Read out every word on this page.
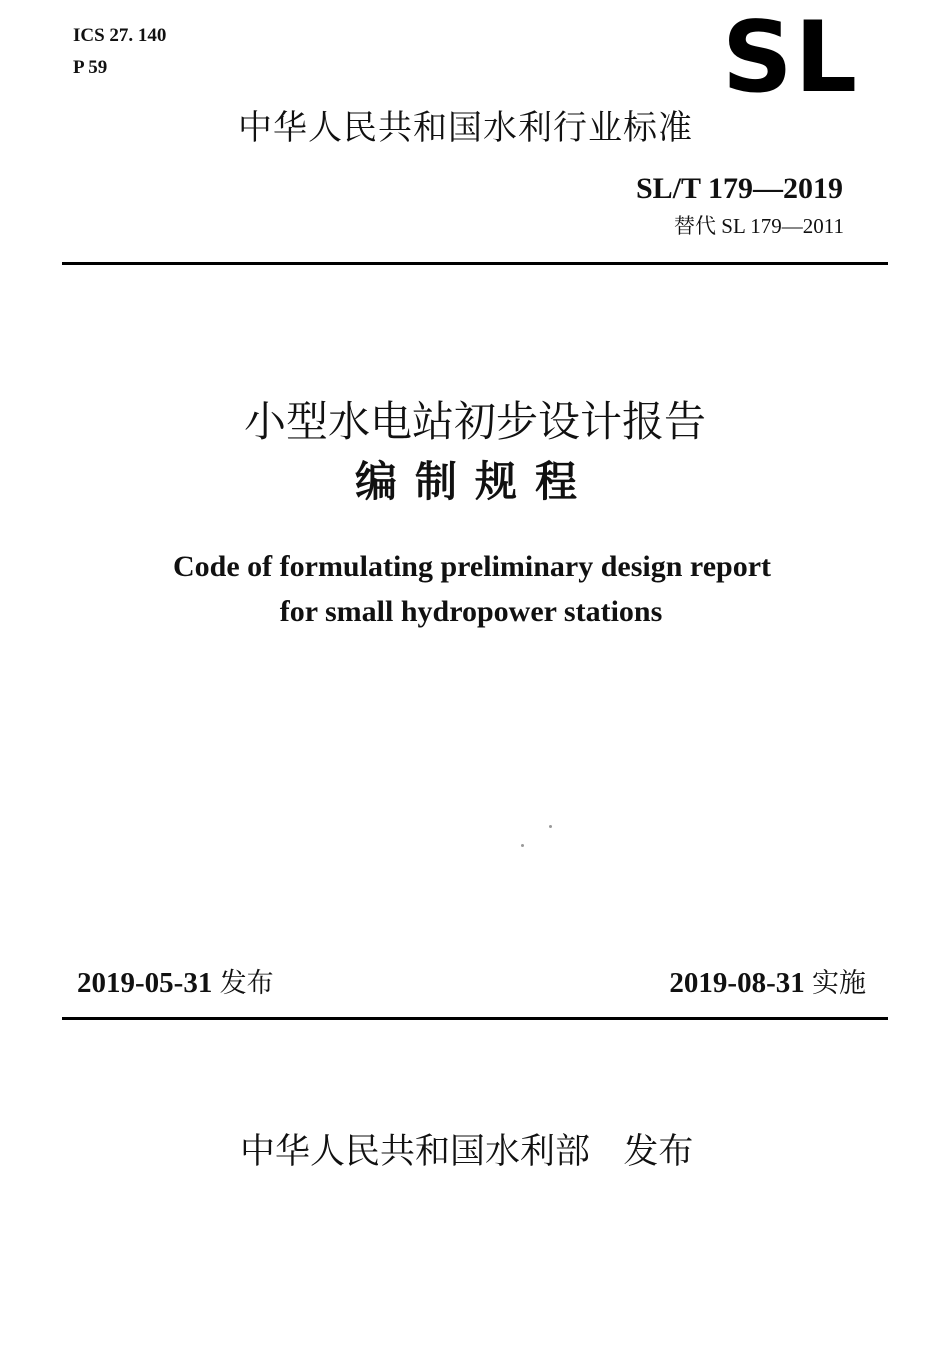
ICS 27. 140
P 59	SL
中华人民共和国水利行业标准
SL/T 179—2019
替代 SL 179—2011
小型水电站初步设计报告
编制规程
Code of formulating preliminary design report
for small hydropower stations
2019-05-31 发布	2019-08-31 实施
中华人民共和国水利部 发布
